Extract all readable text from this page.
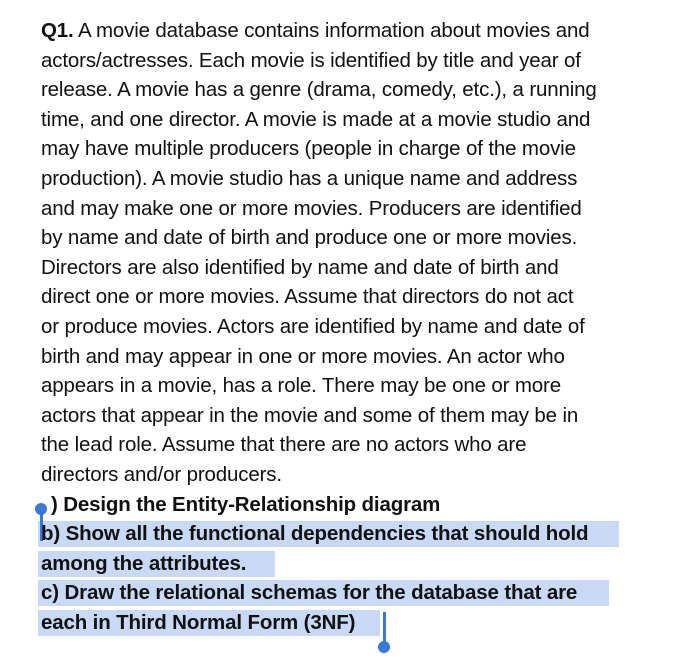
Q1. A movie database contains information about movies and
actors/actresses. Each movie is identified by title and year of
release. A movie has a genre (drama, comedy, etc.), a running
time, and one director. A movie is made at a movie studio and
may have multiple producers (people in charge of the movie
production). A movie studio has a unique name and address
and may make one or more movies. Producers are identified
by name and date of birth and produce one or more movies.
Directors are also identified by name and date of birth and
direct one or more movies. Assume that directors do not act
or produce movies. Actors are identified by name and date of
birth and may appear in one or more movies. An actor who
appears in a movie, has a role. There may be one or more
actors that appear in the movie and some of them may be in
the lead role. Assume that there are no actors who are
directors and/or producers.
) Design the Entity-Relationship diagram
b) Show all the functional dependencies that should hold
among the attributes.
c) Draw the relational schemas for the database that are
each in Third Normal Form (3NF)
